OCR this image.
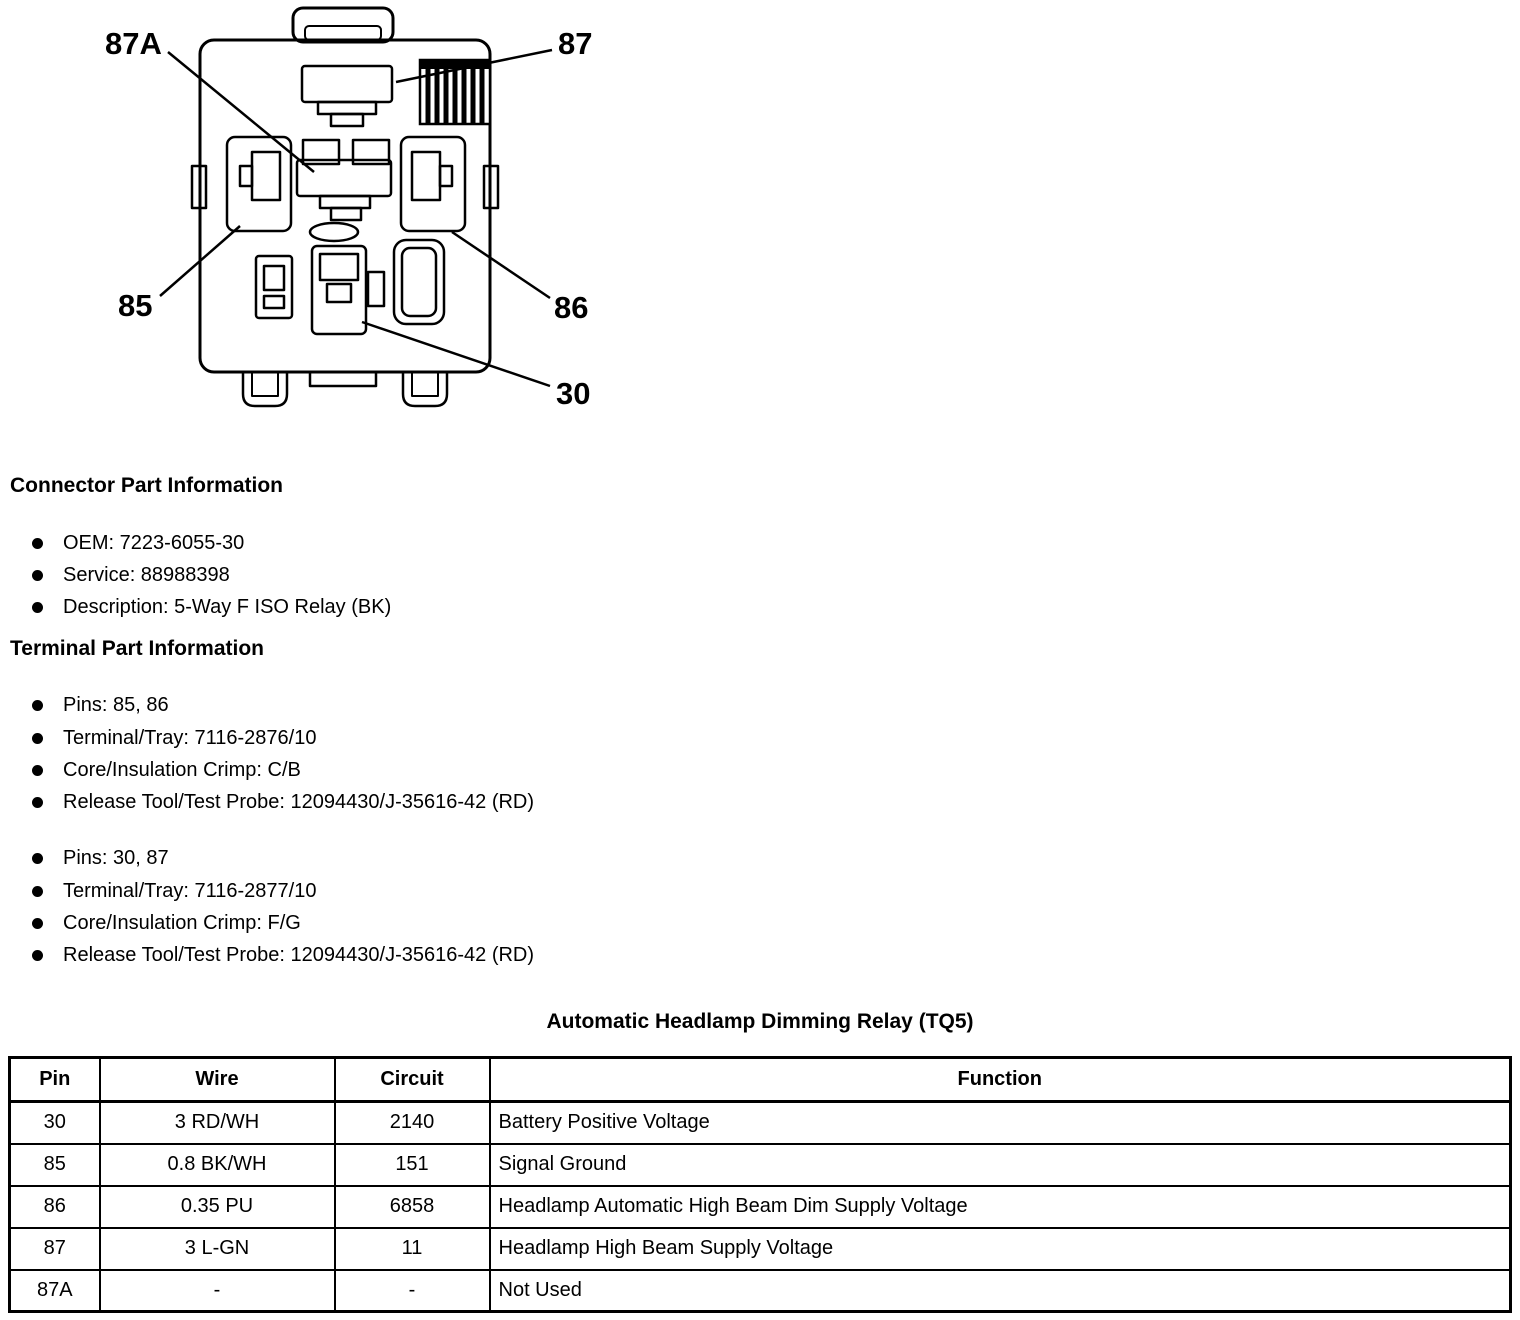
87A	87
85	86
30
Connector Part Information
OEM: 7223-6055-30
Service: 88988398
Description: 5-Way F ISO Relay (BK)
Terminal Part Information
Pins: 85, 86
Terminal/Tray: 7116-2876/10
Core/Insulation Crimp: C/B
Release Tool/Test Probe: 12094430/J-35616-42 (RD)
Pins: 30, 87
Terminal/Tray: 7116-2877/10
Core/Insulation Crimp: F/G
Release Tool/Test Probe: 12094430/J-35616-42 (RD)
Automatic Headlamp Dimming Relay (TQ5)
Pin	Wire	Circuit	Function
30	3 RD/WH	2140	Battery Positive Voltage
85	0.8 BK/WH	151	Signal Ground
86	0.35 PU	6858	Headlamp Automatic High Beam Dim Supply Voltage
87	3 L-GN	11	Headlamp High Beam Supply Voltage
87A	-	-	Not Used
